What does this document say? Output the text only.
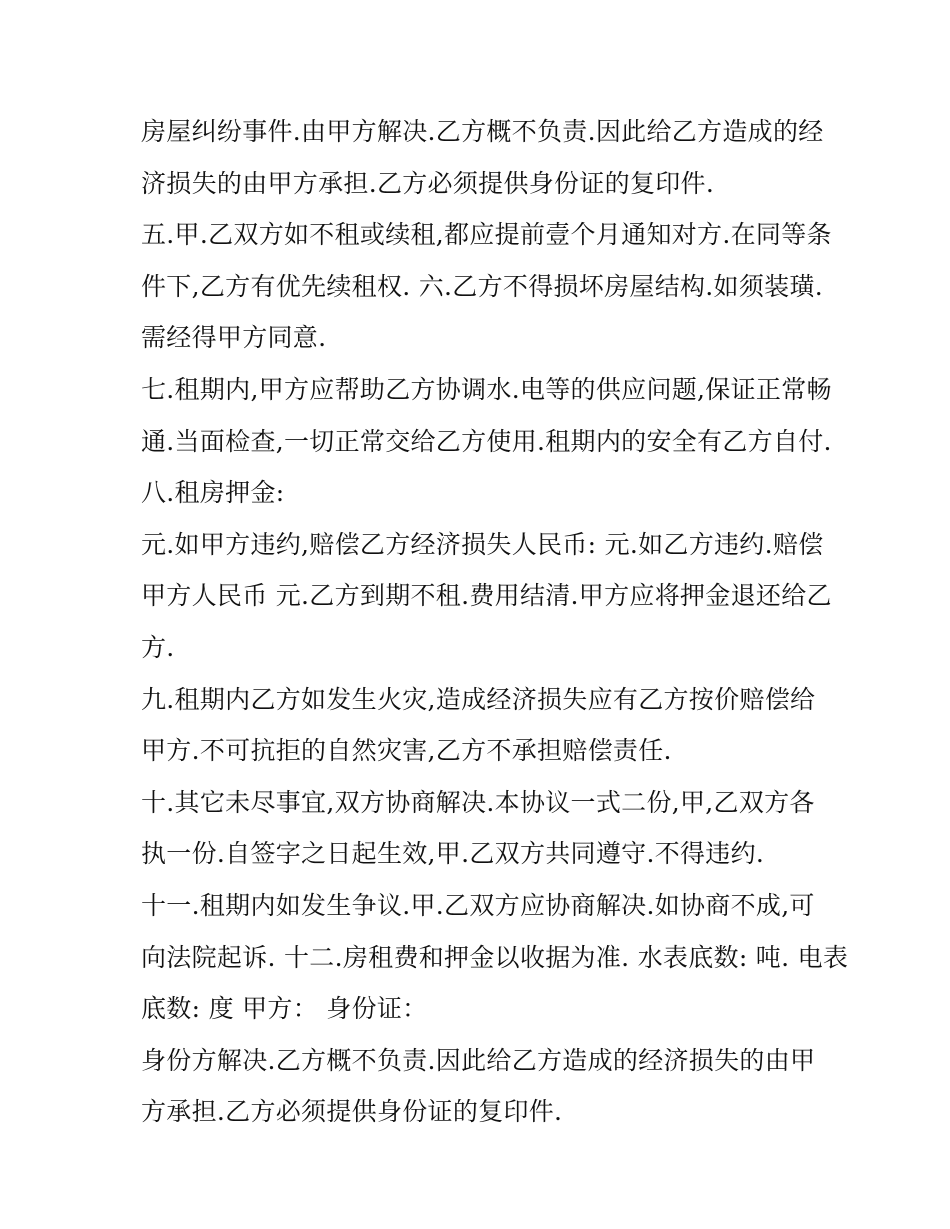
房屋纠纷事件.由甲方解决.乙方概不负责.因此给乙方造成的经
济损失的由甲方承担.乙方必须提供身份证的复印件.
五.甲.乙双方如不租或续租,都应提前壹个月通知对方.在同等条
件下,乙方有优先续租权. 六.乙方不得损坏房屋结构.如须装璜.
需经得甲方同意.
七.租期内,甲方应帮助乙方协调水.电等的供应问题,保证正常畅
通.当面检查,一切正常交给乙方使用.租期内的安全有乙方自付.
八.租房押金:
元.如甲方违约,赔偿乙方经济损失人民币: 元.如乙方违约.赔偿
甲方人民币 元.乙方到期不租.费用结清.甲方应将押金退还给乙
方.
九.租期内乙方如发生火灾,造成经济损失应有乙方按价赔偿给
甲方.不可抗拒的自然灾害,乙方不承担赔偿责任.
十.其它未尽事宜,双方协商解决.本协议一式二份,甲,乙双方各
执一份.自签字之日起生效,甲.乙双方共同遵守.不得违约.
十一.租期内如发生争议.甲.乙双方应协商解决.如协商不成,可
向法院起诉. 十二.房租费和押金以收据为准. 水表底数: 吨. 电表
底数: 度 甲方： 身份证：
身份方解决.乙方概不负责.因此给乙方造成的经济损失的由甲
方承担.乙方必须提供身份证的复印件.
